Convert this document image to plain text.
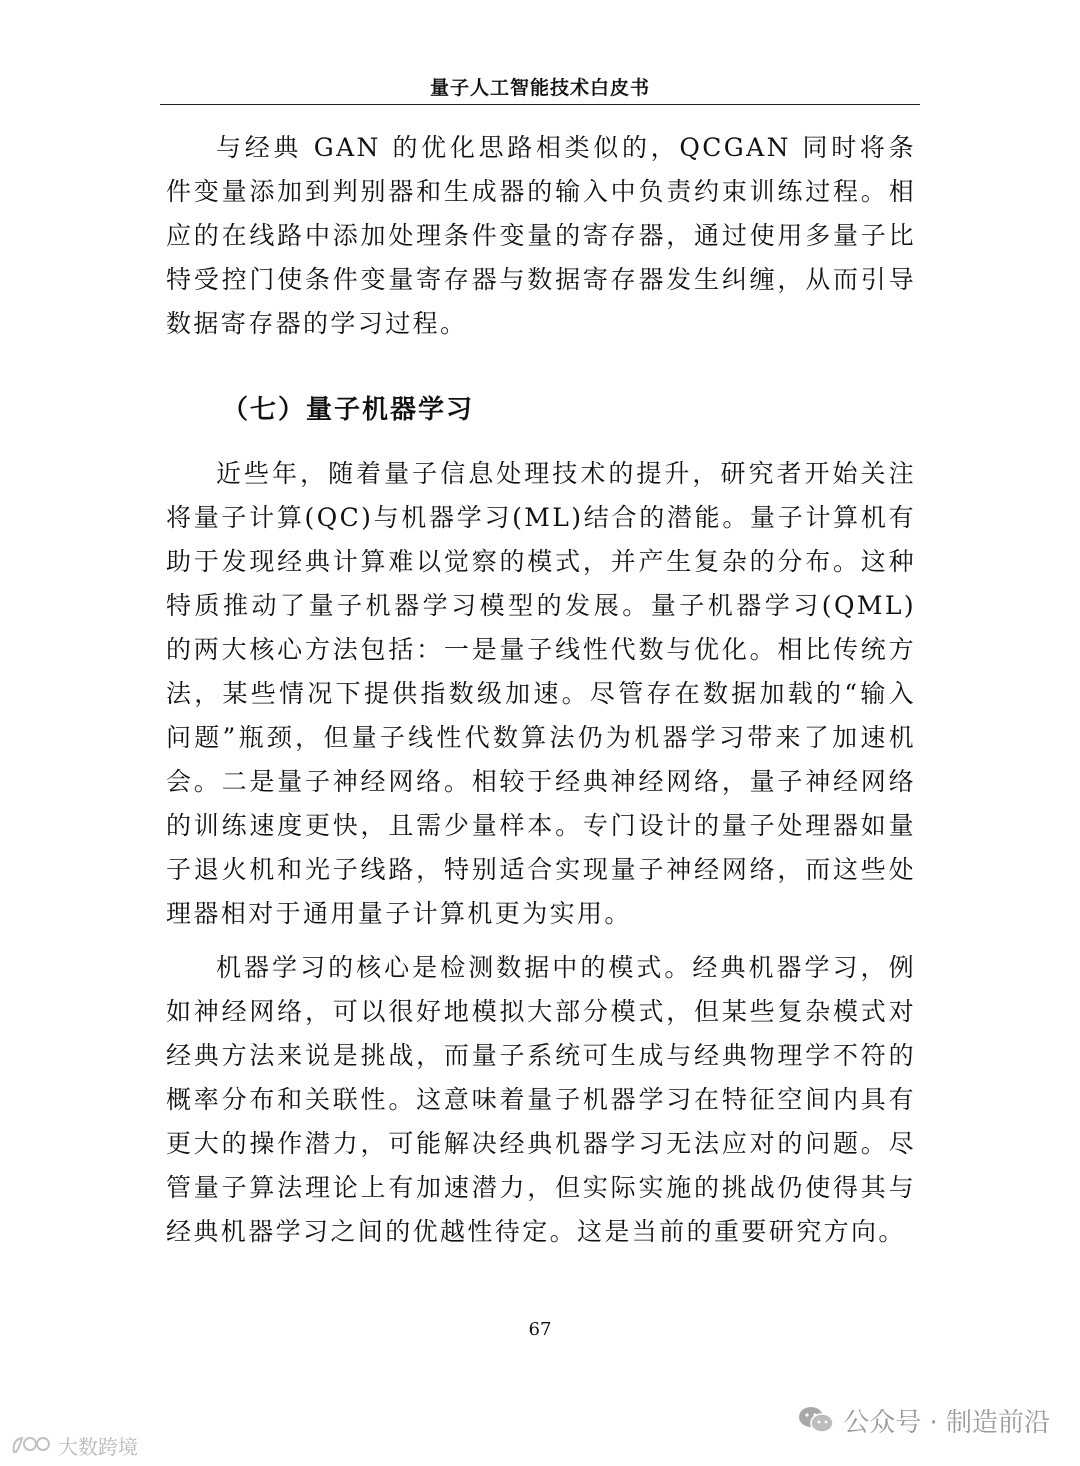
量子人工智能技术白皮书

与经典 GAN 的优化思路相类似的，QCGAN 同时将条件变量添加到判别器和生成器的输入中负责约束训练过程。相应的在线路中添加处理条件变量的寄存器，通过使用多量子比特受控门使条件变量寄存器与数据寄存器发生纠缠，从而引导数据寄存器的学习过程。

（七）量子机器学习

近些年，随着量子信息处理技术的提升，研究者开始关注将量子计算(QC)与机器学习(ML)结合的潜能。量子计算机有助于发现经典计算难以觉察的模式，并产生复杂的分布。这种特质推动了量子机器学习模型的发展。量子机器学习(QML)的两大核心方法包括：一是量子线性代数与优化。相比传统方法，某些情况下提供指数级加速。尽管存在数据加载的“输入问题”瓶颈，但量子线性代数算法仍为机器学习带来了加速机会。二是量子神经网络。相较于经典神经网络，量子神经网络的训练速度更快，且需少量样本。专门设计的量子处理器如量子退火机和光子线路，特别适合实现量子神经网络，而这些处理器相对于通用量子计算机更为实用。

机器学习的核心是检测数据中的模式。经典机器学习，例如神经网络，可以很好地模拟大部分模式，但某些复杂模式对经典方法来说是挑战，而量子系统可生成与经典物理学不符的概率分布和关联性。这意味着量子机器学习在特征空间内具有更大的操作潜力，可能解决经典机器学习无法应对的问题。尽管量子算法理论上有加速潜力，但实际实施的挑战仍使得其与经典机器学习之间的优越性待定。这是当前的重要研究方向。

67
大数跨境
公众号 · 制造前沿
